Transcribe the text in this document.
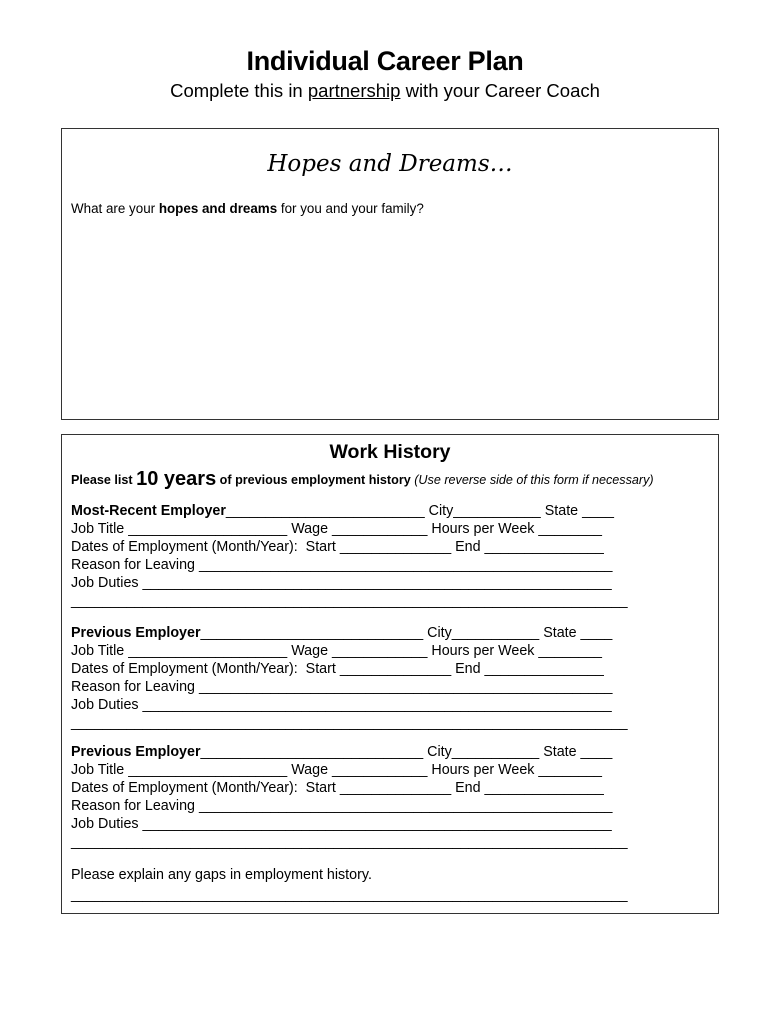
Individual Career Plan
Complete this in partnership with your Career Coach
Hopes and Dreams…
What are your hopes and dreams for you and your family?
Work History
Please list 10 years of previous employment history (Use reverse side of this form if necessary)
Most-Recent Employer_________________________ City___________ State ____
Job Title ____________________ Wage ____________ Hours per Week ________
Dates of Employment (Month/Year):  Start ______________ End _______________
Reason for Leaving ____________________________________________________
Job Duties ___________________________________________________________
______________________________________________________________________
Previous Employer____________________________ City___________ State ____
Job Title ____________________ Wage ____________ Hours per Week ________
Dates of Employment (Month/Year):  Start ______________ End _______________
Reason for Leaving ____________________________________________________
Job Duties ___________________________________________________________
______________________________________________________________________
Previous Employer____________________________ City___________ State ____
Job Title ____________________ Wage ____________ Hours per Week ________
Dates of Employment (Month/Year):  Start ______________ End _______________
Reason for Leaving ____________________________________________________
Job Duties ___________________________________________________________
______________________________________________________________________
Please explain any gaps in employment history.
______________________________________________________________________
